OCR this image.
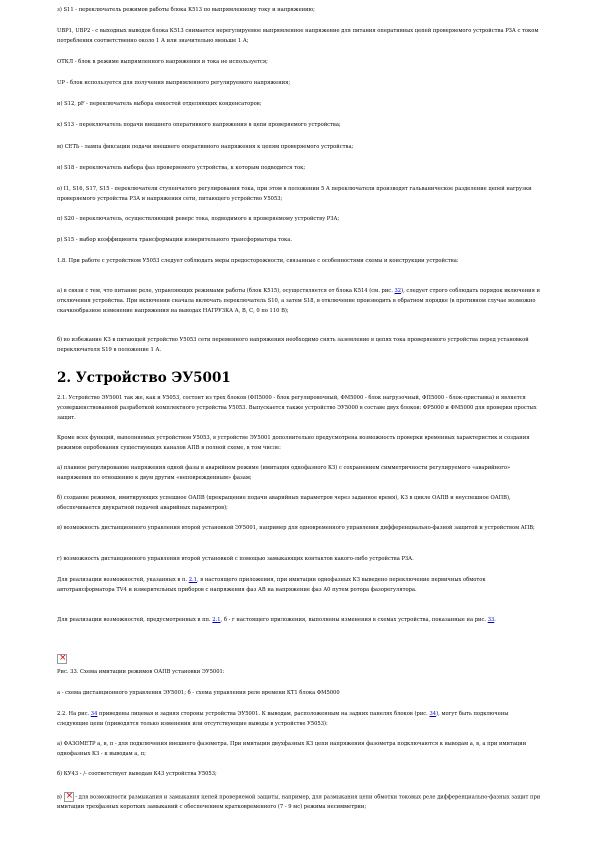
з) S11 - переключатель режимов работы блока К513 по выпрямленному току и напряжению;

UBP1, UBP2 - с выходных выводов блока К513 снимается нерегулируемое выпрямленное напряжение для питания оперативных цепей проверяемого устройства РЗА с током потребления соответственно около 1 А или значительно меньше 1 А;

ОТКЛ - блок в режиме выпрямленного напряжения и тока не используется;

UP - блок используется для получения выпрямленного регулируемого напряжения;

и) S12, pF - переключатель выбора емкостей отделяющих конденсаторов;

к) S13 - переключатель подачи внешнего оперативного напряжения в цепи проверяемого устройства;

м) СЕТЬ - лампа фиксации подачи внешнего оперативного напряжения к цепям проверяемого устройства;

н) S18 - переключатель выбора фаз проверяемого устройства, к которым подводится ток;

о) I1, S16, S17, S15 - переключатели ступенчатого регулирования тока, при этом в положении 5 А переключатели производят гальваническое разделение цепей нагрузки проверяемого устройства РЗА и напряжения сети, питающего устройство У5053;

п) S20 - переключатель, осуществляющий реверс тока, подводимого к проверяемому устройству РЗА;

р) S15 - выбор коэффициента трансформации измерительного трансформатора тока.

1.8. При работе с устройством У5053 следует соблюдать меры предосторожности, связанные с особенностями схемы и конструкции устройства:

а) в связи с тем, что питание реле, управляющих режимами работы (блок К515), осуществляется от блока К514 (см. рис. 32), следует строго соблюдать порядок включения и отключения устройства. При включении сначала включать переключатель S10, а затем S18, в отключение производить в обратном порядке (в противном случае возможно скачкообразное изменение напряжения на выводах НАГРУЗКА А, В, С, 0 по 110 В);

б) во избежание КЗ в питающей устройство У5053 сети переменного напряжения необходимо снять заземление в цепях тока проверяемого устройства перед установкой переключателя S19 в положение 1 А.

2. Устройство ЭУ5001

2.1. Устройство ЭУ5001 так же, как и У5053, состоит из трех блоков (ФП5000 - блок регулировочный, ФМ5000 - блок нагрузочный, ФП5000 - блок-приставка) и является усовершенствованной разработкой комплектного устройства У5053. Выпускается также устройство ЭУ5000 в составе двух блоков: ФР5000 и ФМ5000 для проверки простых защит.

Кроме всех функций, выполняемых устройством У5053, в устройстве ЭУ5001 дополнительно предусмотрена возможность проверки временных характеристик и создания режимов опробования существующих каналов АПВ в полной схеме, в том числе:

а) плавное регулирование напряжения одной фазы в аварийном режиме (имитация однофазного КЗ) с сохранением симметричности регулируемого «аварийного» напряжения по отношению к двум другим «неповрежденным» фазам;

б) создание режимов, имитирующих успешное ОАПВ (прекращение подачи аварийных параметров через заданное время), КЗ в цикле ОАПВ и неуспешное ОАПВ), обеспечивается двукратной подачей аварийных параметров);

в) возможность дистанционного управления второй установкой ЭУ5001, например для одновременного управления дифференциально-фазной защитой и устройством АПВ;

г) возможность дистанционного управления второй установкой с помощью замыкающих контактов какого-либо устройства РЗА.

Для реализации возможностей, указанных в п. 2.1, в настоящего приложения, при имитации однофазных КЗ выведено переключение первичных обмоток автотрансформатора TV4 и измерительных приборов с напряжения фаз АВ на напряжение фаз А0 путем ротора фазорегулятора.

Для реализации возможностей, предусмотренных в пп. 2.1, б - г настоящего приложения, выполнены изменения в схемах устройства, показанные на рис. 33.

×

Рис. 33. Схема имитации режимов ОАПВ установки ЭУ5001:

а - схема дистанционного управления ЭУ5001; б - схема управления реле времени КТ1 блока ФМ5000

2.2. На рис. 34 приведены лицевая и задняя стороны устройства ЭУ5001. К выводам, расположенным на задних панелях блоков (рис. 34), могут быть подключены следующие цепи (приводятся только изменения или отсутствующие выводы в устройстве У5053):

а) ФАЗОМЕТР а, в, п - для подключения внешнего фазометра. При имитации двухфазных КЗ цепи напряжения фазометра подключаются к выводам а, в, а при имитации однофазных КЗ - к выводам а, п;

б) КУ43 - /- соответствует выводам К43 устройства У5053;

в) × - для возможности размыкания и замыкания цепей проверяемой защиты, например, для размыкания цепи обмотки токовых реле дифференциально-фазных защит при имитации трехфазных коротких замыканий с обеспечением кратковременного (7 - 9 мс) режима несимметрии;
